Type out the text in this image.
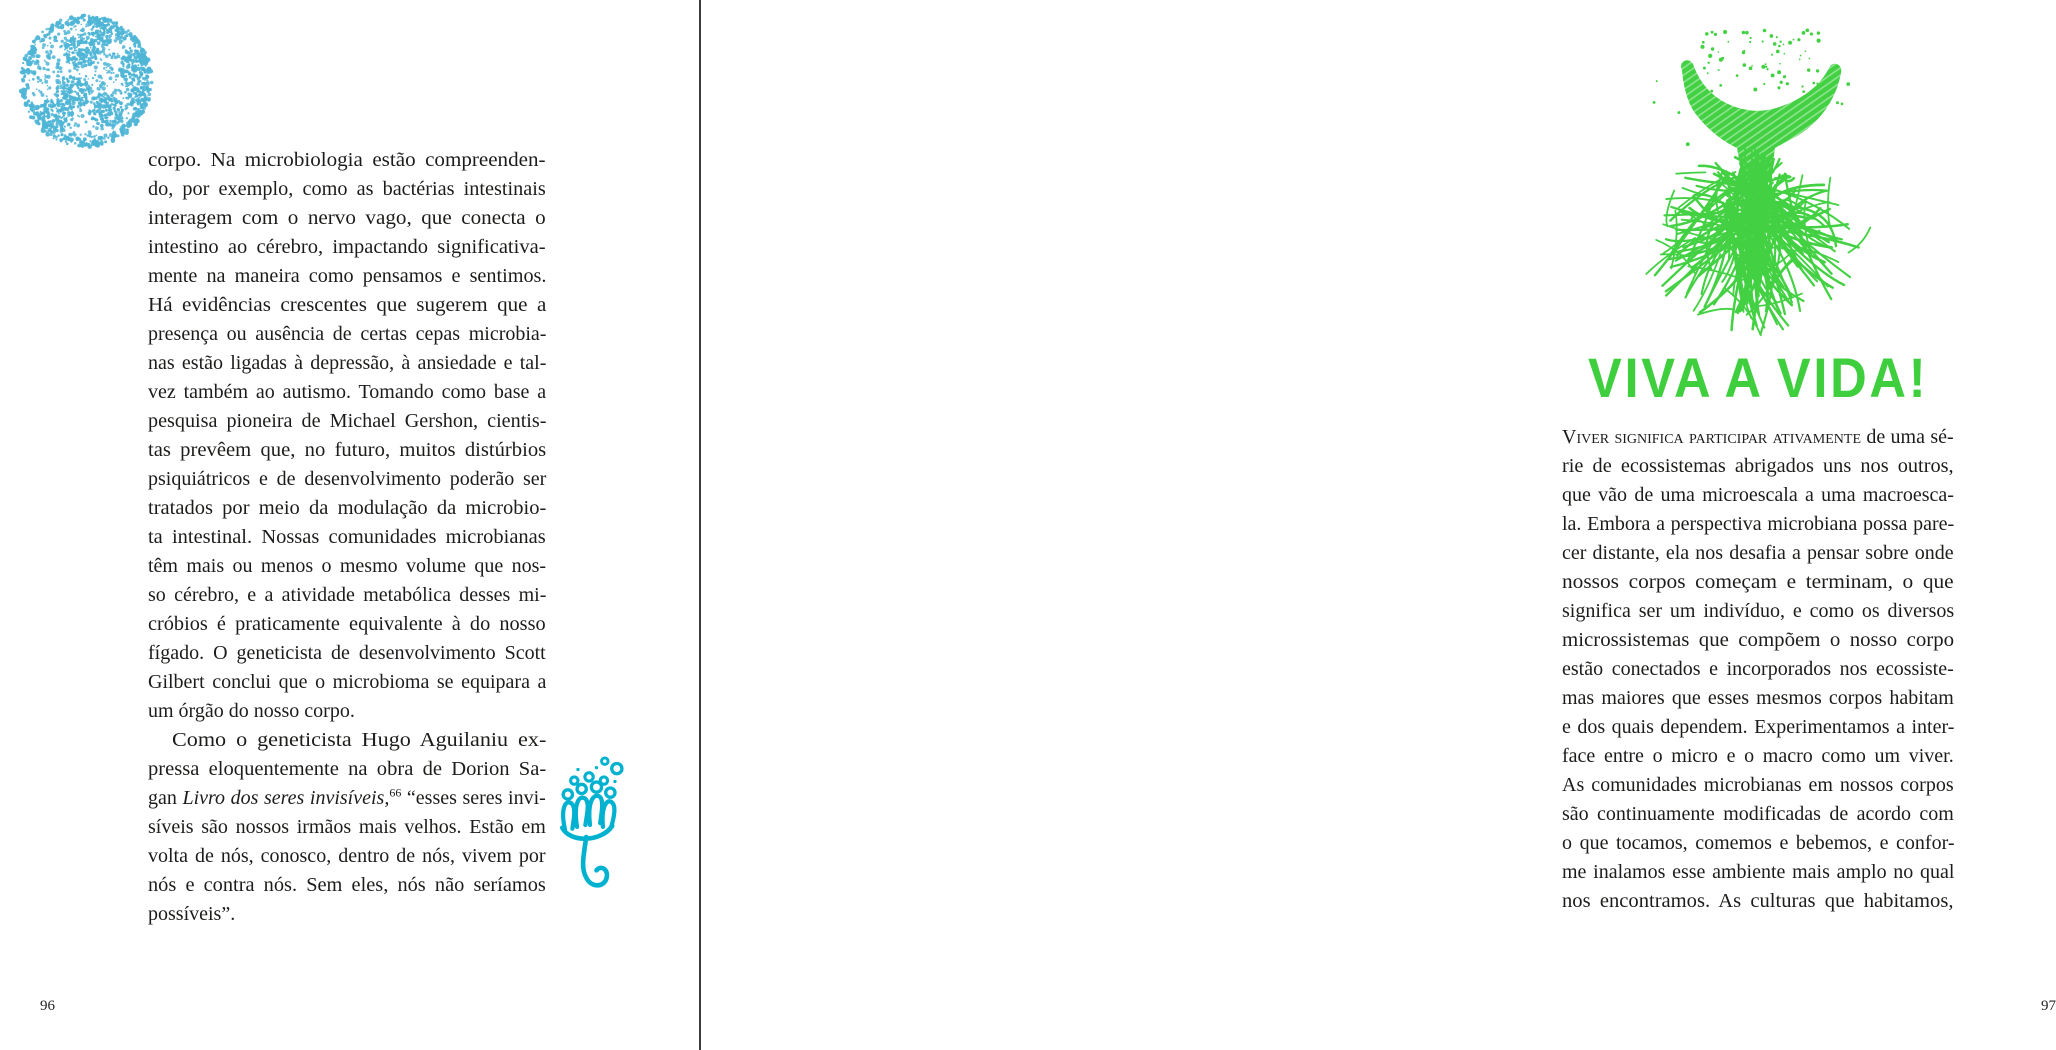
corpo. Na microbiologia estão compreenden-
do, por exemplo, como as bactérias intestinais
interagem com o nervo vago, que conecta o
intestino ao cérebro, impactando significativa-
mente na maneira como pensamos e sentimos.
Há evidências crescentes que sugerem que a
presença ou ausência de certas cepas microbia-
nas estão ligadas à depressão, à ansiedade e tal-
vez também ao autismo. Tomando como base a
pesquisa pioneira de Michael Gershon, cientis-
tas prevêem que, no futuro, muitos distúrbios
psiquiátricos e de desenvolvimento poderão ser
tratados por meio da modulação da microbio-
ta intestinal. Nossas comunidades microbianas
têm mais ou menos o mesmo volume que nos-
so cérebro, e a atividade metabólica desses mi-
cróbios é praticamente equivalente à do nosso
fígado. O geneticista de desenvolvimento Scott
Gilbert conclui que o microbioma se equipara a
um órgão do nosso corpo.
Como o geneticista Hugo Aguilaniu ex-
pressa eloquentemente na obra de Dorion Sa-
gan Livro dos seres invisíveis,$^{66}$ “esses seres invi-
síveis são nossos irmãos mais velhos. Estão em
volta de nós, conosco, dentro de nós, vivem por
nós e contra nós. Sem eles, nós não seríamos
possíveis”.
96
VIVA A VIDA!
Viver significa participar ativamente de uma sé-
rie de ecossistemas abrigados uns nos outros,
que vão de uma microescala a uma macroesca-
la. Embora a perspectiva microbiana possa pare-
cer distante, ela nos desafia a pensar sobre onde
nossos corpos começam e terminam, o que
significa ser um indivíduo, e como os diversos
microssistemas que compõem o nosso corpo
estão conectados e incorporados nos ecossiste-
mas maiores que esses mesmos corpos habitam
e dos quais dependem. Experimentamos a inter-
face entre o micro e o macro como um viver.
As comunidades microbianas em nossos corpos
são continuamente modificadas de acordo com
o que tocamos, comemos e bebemos, e confor-
me inalamos esse ambiente mais amplo no qual
nos encontramos. As culturas que habitamos,
97
